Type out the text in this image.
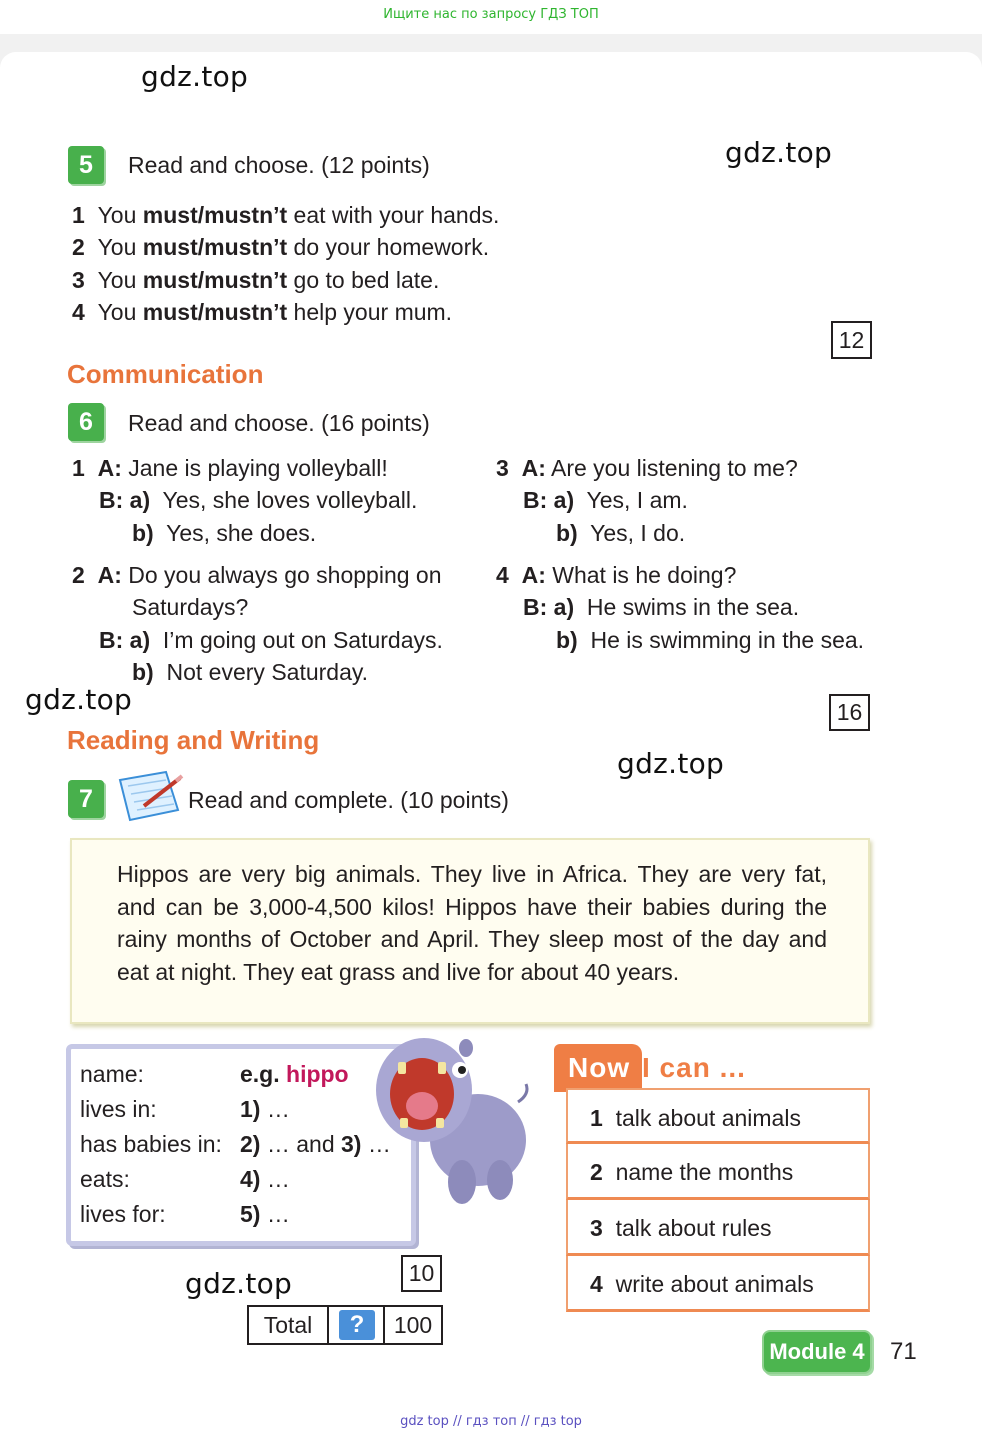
Ищите нас по запросу ГДЗ ТОП
gdz.top
gdz.top
gdz.top
gdz.top
gdz.top
5	Read and choose. (12 points)
1 You must/mustn’t eat with your hands.
2 You must/mustn’t do your homework.
3 You must/mustn’t go to bed late.
4 You must/mustn’t help your mum.
12
Communication
6	Read and choose. (16 points)
1 A: Jane is playing volleyball!
B: a) Yes, she loves volleyball.
b) Yes, she does.
2 A: Do you always go shopping on
Saturdays?
B: a) I’m going out on Saturdays.
b) Not every Saturday.
3 A: Are you listening to me?
B: a) Yes, I am.
b) Yes, I do.
4 A: What is he doing?
B: a) He swims in the sea.
b) He is swimming in the sea.
16
Reading and Writing
7	Read and complete. (10 points)

Hippos are very big animals. They live in Africa. They are very fat, and can be 3,000-4,500 kilos! Hippos have their babies during the rainy months of October and April. They sleep most of the day and eat at night. They eat grass and live for about 40 years.

name:	e.g. hippo
lives in:	1) …
has babies in: 2) … and 3) …
eats:	4) …
lives for:	5) …
10
Total	?	100
Now I can ...
1 talk about animals
2 name the months
3 talk about rules
4 write about animals
Module 4	71
gdz top // гдз топ // гдз top
